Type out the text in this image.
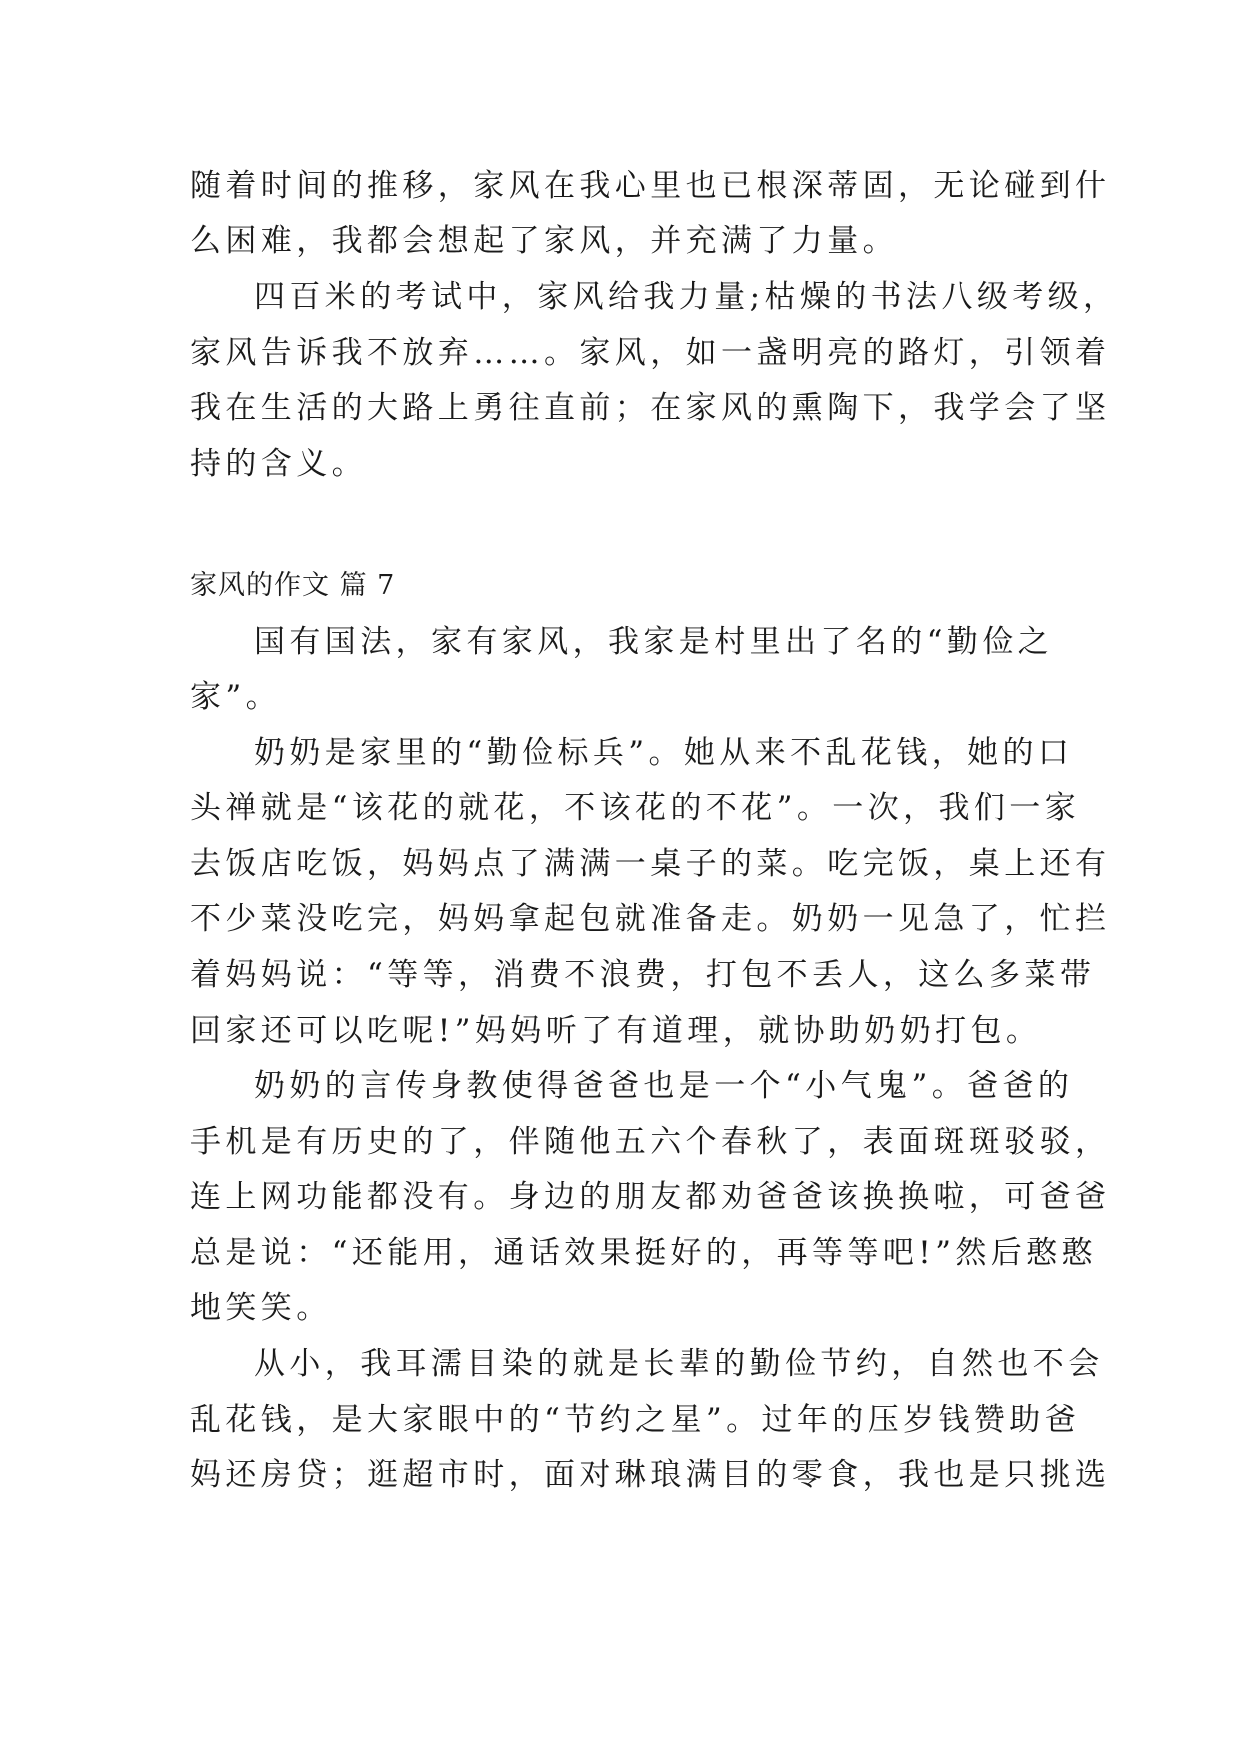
随着时间的推移，家风在我心里也已根深蒂固，无论碰到什
么困难，我都会想起了家风，并充满了力量。
四百米的考试中，家风给我力量;枯燥的书法八级考级，
家风告诉我不放弃……。家风，如一盏明亮的路灯，引领着
我在生活的大路上勇往直前；在家风的熏陶下，我学会了坚
持的含义。
家风的作文 篇 7
国有国法，家有家风，我家是村里出了名的“勤俭之
家”。
奶奶是家里的“勤俭标兵”。她从来不乱花钱，她的口
头禅就是“该花的就花，不该花的不花”。一次，我们一家
去饭店吃饭，妈妈点了满满一桌子的菜。吃完饭，桌上还有
不少菜没吃完，妈妈拿起包就准备走。奶奶一见急了，忙拦
着妈妈说：“等等，消费不浪费，打包不丢人，这么多菜带
回家还可以吃呢!”妈妈听了有道理，就协助奶奶打包。
奶奶的言传身教使得爸爸也是一个“小气鬼”。爸爸的
手机是有历史的了，伴随他五六个春秋了，表面斑斑驳驳，
连上网功能都没有。身边的朋友都劝爸爸该换换啦，可爸爸
总是说：“还能用，通话效果挺好的，再等等吧!”然后憨憨
地笑笑。
从小，我耳濡目染的就是长辈的勤俭节约，自然也不会
乱花钱，是大家眼中的“节约之星”。过年的压岁钱赞助爸
妈还房贷；逛超市时，面对琳琅满目的零食，我也是只挑选
